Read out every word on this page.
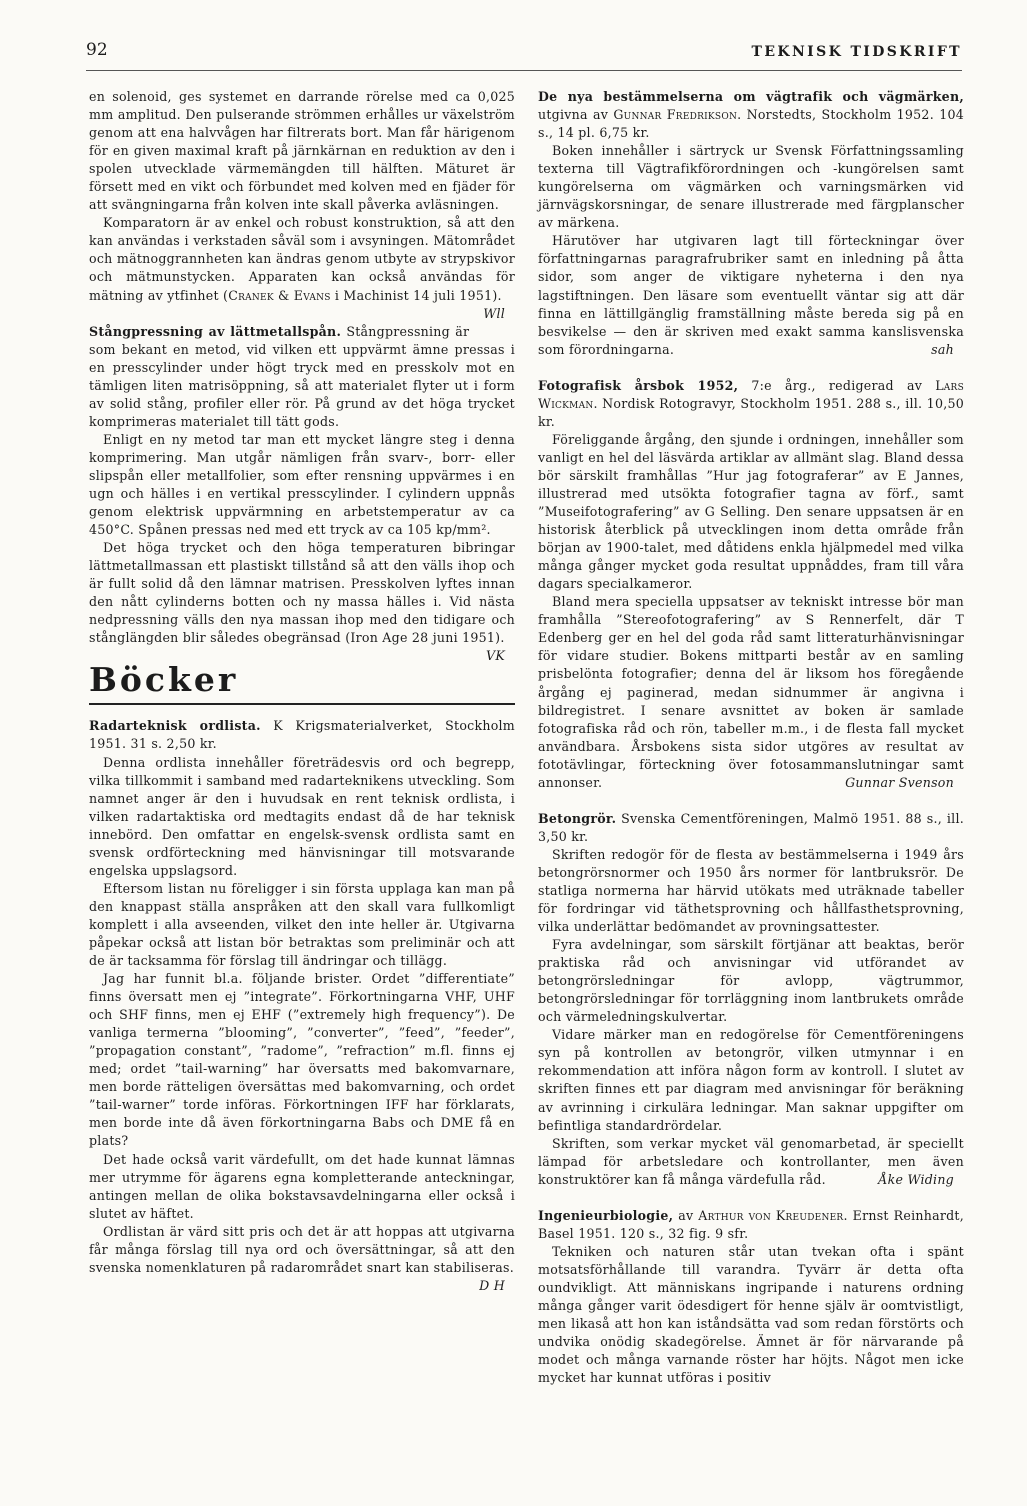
92	TEKNISK TIDSKRIFT

en solenoid, ges systemet en darrande rörelse med ca 0,025 mm amplitud. Den pulserande strömmen erhålles ur växelström genom att ena halvvågen har filtrerats bort. Man får härigenom för en given maximal kraft på järnkärnan en reduktion av den i spolen utvecklade värmemängden till hälften. Mäturet är försett med en vikt och förbundet med kolven med en fjäder för att svängningarna från kolven inte skall påverka avläsningen.

Komparatorn är av enkel och robust konstruktion, så att den kan användas i verkstaden såväl som i avsyningen. Mätområdet och mätnoggrannheten kan ändras genom utbyte av strypskivor och mätmunstycken. Apparaten kan också användas för mätning av ytfinhet (Cranek & Evans i Machinist 14 juli 1951).
Wll

Stångpressning av lättmetallspån. Stångpressning är som bekant en metod, vid vilken ett uppvärmt ämne pressas i en presscylinder under högt tryck med en presskolv mot en tämligen liten matrisöppning, så att materialet flyter ut i form av solid stång, profiler eller rör. På grund av det höga trycket komprimeras materialet till tätt gods.

Enligt en ny metod tar man ett mycket längre steg i denna komprimering. Man utgår nämligen från svarv-, borr- eller slipspån eller metallfolier, som efter rensning uppvärmes i en ugn och hälles i en vertikal presscylinder. I cylindern uppnås genom elektrisk uppvärmning en arbetstemperatur av ca 450°C. Spånen pressas ned med ett tryck av ca 105 kp/mm².

Det höga trycket och den höga temperaturen bibringar lättmetallmassan ett plastiskt tillstånd så att den välls ihop och är fullt solid då den lämnar matrisen. Presskolven lyftes innan den nått cylinderns botten och ny massa hälles i. Vid nästa nedpressning välls den nya massan ihop med den tidigare och stånglängden blir således obegränsad (Iron Age 28 juni 1951).
VK

Böcker

Radarteknisk ordlista. K Krigsmaterialverket, Stockholm 1951. 31 s. 2,50 kr.

Denna ordlista innehåller företrädesvis ord och begrepp, vilka tillkommit i samband med radarteknikens utveckling. Som namnet anger är den i huvudsak en rent teknisk ordlista, i vilken radartaktiska ord medtagits endast då de har teknisk innebörd. Den omfattar en engelsk-svensk ordlista samt en svensk ordförteckning med hänvisningar till motsvarande engelska uppslagsord.

Eftersom listan nu föreligger i sin första upplaga kan man på den knappast ställa anspråken att den skall vara fullkomligt komplett i alla avseenden, vilket den inte heller är. Utgivarna påpekar också att listan bör betraktas som preliminär och att de är tacksamma för förslag till ändringar och tillägg.

Jag har funnit bl.a. följande brister. Ordet ”differentiate” finns översatt men ej ”integrate”. Förkortningarna VHF, UHF och SHF finns, men ej EHF (”extremely high frequency”). De vanliga termerna ”blooming”, ”converter”, ”feed”, ”feeder”, ”propagation constant”, ”radome”, ”refraction” m.fl. finns ej med; ordet ”tail-warning” har översatts med bakomvarnare, men borde rätteligen översättas med bakomvarning, och ordet ”tail-warner” torde införas. Förkortningen IFF har förklarats, men borde inte då även förkortningarna Babs och DME få en plats?

Det hade också varit värdefullt, om det hade kunnat lämnas mer utrymme för ägarens egna kompletterande anteckningar, antingen mellan de olika bokstavsavdelningarna eller också i slutet av häftet.

Ordlistan är värd sitt pris och det är att hoppas att utgivarna får många förslag till nya ord och översättningar, så att den svenska nomenklaturen på radarområdet snart kan stabiliseras.
D H

De nya bestämmelserna om vägtrafik och vägmärken, utgivna av Gunnar Fredrikson. Norstedts, Stockholm 1952. 104 s., 14 pl. 6,75 kr.

Boken innehåller i särtryck ur Svensk Författningssamling texterna till Vägtrafikförordningen och -kungörelsen samt kungörelserna om vägmärken och varningsmärken vid järnvägskorsningar, de senare illustrerade med färgplanscher av märkena.

Härutöver har utgivaren lagt till förteckningar över författningarnas paragrafrubriker samt en inledning på åtta sidor, som anger de viktigare nyheterna i den nya lagstiftningen. Den läsare som eventuellt väntar sig att där finna en lättillgänglig framställning måste bereda sig på en besvikelse — den är skriven med exakt samma kanslisvenska som förordningarna.	sah

Fotografisk årsbok 1952, 7:e årg., redigerad av Lars Wickman. Nordisk Rotogravyr, Stockholm 1951. 288 s., ill. 10,50 kr.

Föreliggande årgång, den sjunde i ordningen, innehåller som vanligt en hel del läsvärda artiklar av allmänt slag. Bland dessa bör särskilt framhållas ”Hur jag fotograferar” av E Jannes, illustrerad med utsökta fotografier tagna av förf., samt ”Museifotografering” av G Selling. Den senare uppsatsen är en historisk återblick på utvecklingen inom detta område från början av 1900-talet, med dåtidens enkla hjälpmedel med vilka många gånger mycket goda resultat uppnåddes, fram till våra dagars specialkameror.

Bland mera speciella uppsatser av tekniskt intresse bör man framhålla ”Stereofotografering” av S Rennerfelt, där T Edenberg ger en hel del goda råd samt litteraturhänvisningar för vidare studier. Bokens mittparti består av en samling prisbelönta fotografier; denna del är liksom hos föregående årgång ej paginerad, medan sidnummer är angivna i bildregistret. I senare avsnittet av boken är samlade fotografiska råd och rön, tabeller m.m., i de flesta fall mycket användbara. Årsbokens sista sidor utgöres av resultat av fototävlingar, förteckning över fotosammanslutningar samt annonser.	Gunnar Svenson

Betongrör. Svenska Cementföreningen, Malmö 1951. 88 s., ill. 3,50 kr.

Skriften redogör för de flesta av bestämmelserna i 1949 års betongrörsnormer och 1950 års normer för lantbruksrör. De statliga normerna har härvid utökats med uträknade tabeller för fordringar vid täthetsprovning och hållfasthetsprovning, vilka underlättar bedömandet av provningsattester.

Fyra avdelningar, som särskilt förtjänar att beaktas, berör praktiska råd och anvisningar vid utförandet av betongrörsledningar för avlopp, vägtrummor, betongrörsledningar för torrläggning inom lantbrukets område och värmeledningskulvertar.

Vidare märker man en redogörelse för Cementföreningens syn på kontrollen av betongrör, vilken utmynnar i en rekommendation att införa någon form av kontroll. I slutet av skriften finnes ett par diagram med anvisningar för beräkning av avrinning i cirkulära ledningar. Man saknar uppgifter om befintliga standardrördelar.

Skriften, som verkar mycket väl genomarbetad, är speciellt lämpad för arbetsledare och kontrollanter, men även konstruktörer kan få många värdefulla råd.	Åke Widing

Ingenieurbiologie, av Arthur von Kreudener. Ernst Reinhardt, Basel 1951. 120 s., 32 fig. 9 sfr.

Tekniken och naturen står utan tvekan ofta i spänt motsatsförhållande till varandra. Tyvärr är detta ofta oundvikligt. Att människans ingripande i naturens ordning många gånger varit ödesdigert för henne själv är oomtvistligt, men likaså att hon kan iståndsätta vad som redan förstörts och undvika onödig skadegörelse. Ämnet är för närvarande på modet och många varnande röster har höjts. Något men icke mycket har kunnat utföras i positiv
